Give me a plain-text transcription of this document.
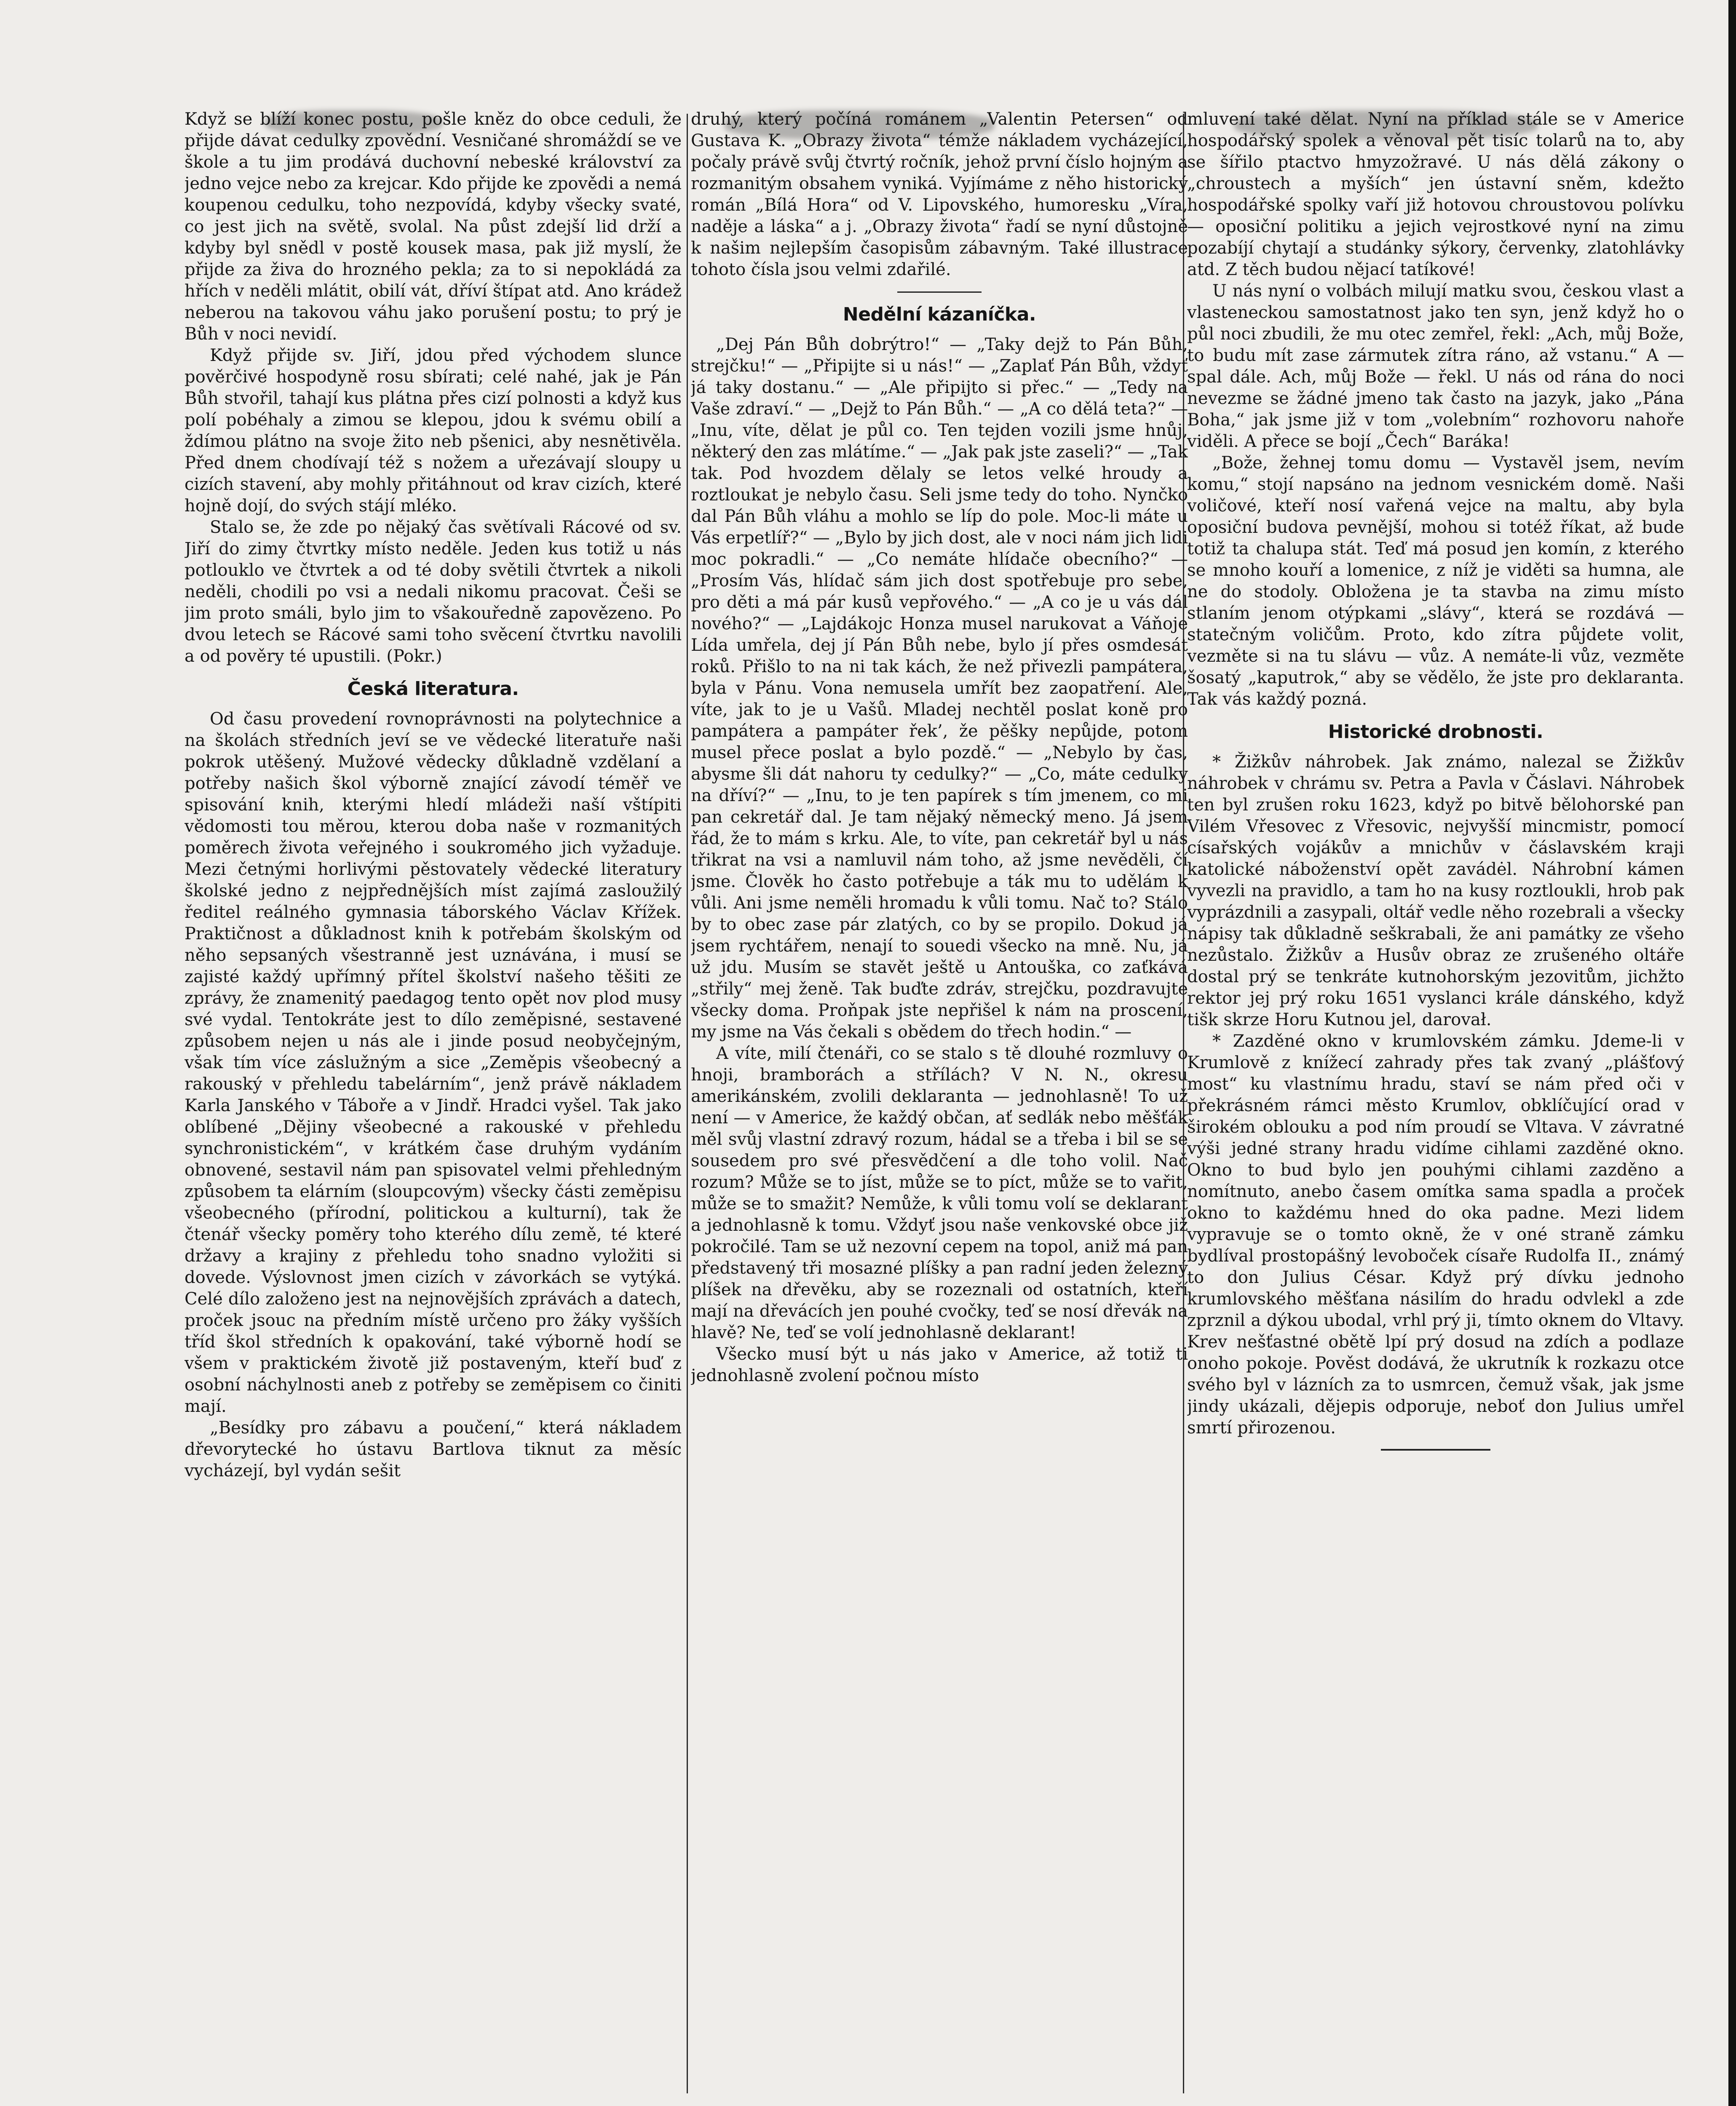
Když se blíží konec postu, pošle kněz do obce ceduli, že přijde dávat cedulky zpovědní. Vesničané shromáždí se ve škole a tu jim prodává duchovní nebeské království za jedno vejce nebo za krejcar. Kdo přijde ke zpovědi a nemá koupenou cedulku, toho nezpovídá, kdyby všecky svaté, co jest jich na světě, svolal. Na půst zdejší lid drží a kdyby byl snědl v postě kousek masa, pak již myslí, že přijde za živa do hrozného pekla; za to si nepokládá za hřích v neděli mlátit, obilí vát, dříví štípat atd. Ano krádež neberou na takovou váhu jako porušení postu; to prý je Bůh v noci nevidí.

Když přijde sv. Jiří, jdou před východem slunce pověrčivé hospodyně rosu sbírati; celé nahé, jak je Pán Bůh stvořil, tahají kus plátna přes cizí polnosti a když kus polí pobéhaly a zimou se klepou, jdou k svému obilí a ždímou plátno na svoje žito neb pšenici, aby nesnětivěla. Před dnem chodívají též s nožem a uřezávají sloupy u cizích stavení, aby mohly přitáhnout od krav cizích, které hojně dojí, do svých stájí mléko.

Stalo se, že zde po nějaký čas světívali Rácové od sv. Jiří do zimy čtvrtky místo neděle. Jeden kus totiž u nás potlouklo ve čtvrtek a od té doby světili čtvrtek a nikoli neděli, chodili po vsi a nedali nikomu pracovat. Češi se jim proto smáli, bylo jim to všakouředně zapovězeno. Po dvou letech se Rácové sami toho svěcení čtvrtku navolili a od pověry té upustili. (Pokr.)

Česká literatura.

Od času provedení rovnoprávnosti na polytechnice a na školách středních jeví se ve vědecké literatuře naši pokrok utěšený. Mužové vědecky důkladně vzdělaní a potřeby našich škol výborně znající závodí téměř ve spisování knih, kterými hledí mládeži naší vštípiti vědomosti tou měrou, kterou doba naše v rozmanitých poměrech života veřejného i soukromého jich vyžaduje. Mezi četnými horlivými pěstovately vědecké literatury školské jedno z nejpřednějších míst zajímá zasloužilý ředitel reálného gymnasia táborského Václav Křížek. Praktičnost a důkladnost knih k potřebám školským od něho sepsaných všestranně jest uznávána, i musí se zajisté každý upřímný přítel školství našeho těšiti ze zprávy, že znamenitý paedagog tento opět nov plod musy své vydal. Tentokráte jest to dílo zeměpisné, sestavené způsobem nejen u nás ale i jinde posud neobyčejným, však tím více záslužným a sice „Zeměpis všeobecný a rakouský v přehledu tabelárním“, jenž právě nákladem Karla Janského v Táboře a v Jindř. Hradci vyšel. Tak jako oblíbené „Dějiny všeobecné a rakouské v přehledu synchronistickém“, v krátkém čase druhým vydáním obnovené, sestavil nám pan spisovatel velmi přehledným způsobem ta elárním (sloupcovým) všecky části zeměpisu všeobecného (přírodní, politickou a kulturní), tak že čtenář všecky poměry toho kterého dílu země, té které državy a krajiny z přehledu toho snadno vyložiti si dovede. Výslovnost jmen cizích v závorkách se vytýká. Celé dílo založeno jest na nejnovějších zprávách a datech, proček jsouc na předním místě určeno pro žáky vyšších tříd škol středních k opakování, také výborně hodí se všem v praktickém životě již postaveným, kteří buď z osobní náchylnosti aneb z potřeby se zeměpisem co činiti mají.

„Besídky pro zábavu a poučení,“ která nákladem dřevorytecké ho ústavu Bartlova tiknut za měsíc vycházejí, byl vydán sešit

druhý, který počíná románem „Valentin Petersen“ od Gustava K. „Obrazy života“ témže nákladem vycházející, počaly právě svůj čtvrtý ročník, jehož první číslo hojným a rozmanitým obsahem vyniká. Vyjímáme z něho historický román „Bílá Hora“ od V. Lipovského, humoresku „Víra, naděje a láska“ a j. „Obrazy života“ řadí se nyní důstojně k našim nejlepším časopisům zábavným. Také illustrace tohoto čísla jsou velmi zdařilé.

Nedělní kázaníčka.

„Dej Pán Bůh dobrýtro!“ — „Taky dejž to Pán Bůh, strejčku!“ — „Připijte si u nás!“ — „Zaplať Pán Bůh, vždyť já taky dostanu.“ — „Ale připijto si přec.“ — „Tedy na Vaše zdraví.“ — „Dejž to Pán Bůh.“ — „A co dělá teta?“ — „Inu, víte, dělat je půl co. Ten tejden vozili jsme hnůj, některý den zas mlátíme.“ — „Jak pak jste zaseli?“ — „Tak tak. Pod hvozdem dělaly se letos velké hroudy a roztloukat je nebylo času. Seli jsme tedy do toho. Nynčko dal Pán Bůh vláhu a mohlo se líp do pole. Moc-li máte u Vás erpetlíř?“ — „Bylo by jich dost, ale v noci nám jich lidi moc pokradli.“ — „Co nemáte hlídače obecního?“ — „Prosím Vás, hlídač sám jich dost spotřebuje pro sebe, pro děti a má pár kusů vepřového.“ — „A co je u vás dál nového?“ — „Lajdákojc Honza musel narukovat a Váňoje Lída umřela, dej jí Pán Bůh nebe, bylo jí přes osmdesát roků. Přišlo to na ni tak kách, že než přivezli pampátera, byla v Pánu. Vona nemusela umřít bez zaopatření. Ale, víte, jak to je u Vašů. Mladej nechtěl poslat koně pro pampátera a pampáter řek’, že pěšky nepůjde, potom musel přece poslat a bylo pozdě.“ — „Nebylo by čas, abysme šli dát nahoru ty cedulky?“ — „Co, máte cedulky na dříví?“ — „Inu, to je ten papírek s tím jmenem, co mi pan cekretář dal. Je tam nějaký německý meno. Já jsem řád, že to mám s krku. Ale, to víte, pan cekretář byl u nás třikrat na vsi a namluvil nám toho, až jsme nevěděli, čí jsme. Člověk ho často potřebuje a ták mu to udělám k vůli. Ani jsme neměli hromadu k vůli tomu. Nač to? Stálo by to obec zase pár zlatých, co by se propilo. Dokud já jsem rychtářem, nenají to souedi všecko na mně. Nu, já už jdu. Musím se stavět ještě u Antouška, co zaťkává „střily“ mej ženě. Tak buďte zdráv, strejčku, pozdravujte všecky doma. Proňpak jste nepřišel k nám na proscení, my jsme na Vás čekali s obědem do třech hodin.“ —

A víte, milí čtenáři, co se stalo s tě dlouhé rozmluvy o hnoji, bramborách a střílách? V N. N., okresu amerikánském, zvolili deklaranta — jednohlasně! To už není — v Americe, že každý občan, ať sedlák nebo měšťák měl svůj vlastní zdravý rozum, hádal se a třeba i bil se se sousedem pro své přesvědčení a dle toho volil. Nač rozum? Může se to jíst, může se to píct, může se to vařit, může se to smažit? Nemůže, k vůli tomu volí se deklarant a jednohlasně k tomu. Vždyť jsou naše venkovské obce již pokročilé. Tam se už nezovní cepem na topol, aniž má pan představený tři mosazné plíšky a pan radní jeden železný plíšek na dřevěku, aby se rozeznali od ostatních, kteří mají na dřevácích jen pouhé cvočky, teď se nosí dřevák na hlavě? Ne, teď se volí jednohlasně deklarant!

Všecko musí být u nás jako v Americe, až totiž ti jednohlasně zvolení počnou místo

mluvení také dělat. Nyní na příklad stále se v Americe hospodářský spolek a věnoval pět tisíc tolarů na to, aby se šířilo ptactvo hmyzožravé. U nás dělá zákony o „chroustech a myších“ jen ústavní sněm, kdežto hospodářské spolky vaří již hotovou chroustovou polívku — oposiční politiku a jejich vejrostkové nyní na zimu pozabíjí chytají a studánky sýkory, červenky, zlatohlávky atd. Z těch budou nějací tatíkové!

U nás nyní o volbách milují matku svou, českou vlast a vlasteneckou samostatnost jako ten syn, jenž když ho o půl noci zbudili, že mu otec zemřel, řekl: „Ach, můj Bože, to budu mít zase zármutek zítra ráno, až vstanu.“ A — spal dále. Ach, můj Bože — řekl. U nás od rána do noci nevezme se žádné jmeno tak často na jazyk, jako „Pána Boha,“ jak jsme již v tom „volebním“ rozhovoru nahoře viděli. A přece se bojí „Čech“ Baráka!

„Bože, žehnej tomu domu — Vystavěl jsem, nevím komu,“ stojí napsáno na jednom vesnickém domě. Naši voličové, kteří nosí vařená vejce na maltu, aby byla oposiční budova pevnější, mohou si totéž říkat, až bude totiž ta chalupa stát. Teď má posud jen komín, z kterého se mnoho kouří a lomenice, z níž je viděti sa humna, ale ne do stodoly. Obložena je ta stavba na zimu místo stlaním jenom otýpkami „slávy“, která se rozdává — statečným voličům. Proto, kdo zítra půjdete volit, vezměte si na tu slávu — vůz. A nemáte-li vůz, vezměte šosatý „kaputrok,“ aby se vědělo, že jste pro deklaranta. Tak vás každý pozná.

Historické drobnosti.

* Žižkův náhrobek. Jak známo, nalezal se Žižkův náhrobek v chrámu sv. Petra a Pavla v Čáslavi. Náhrobek ten byl zrušen roku 1623, když po bitvě bělohorské pan Vilém Vřesovec z Vřesovic, nejvyšší mincmistr, pomocí císařských vojákův a mnichův v čáslavském kraji katolické náboženství opět zavádėl. Náhrobní kámen vyvezli na pravidlo, a tam ho na kusy roztloukli, hrob pak vyprázdnili a zasypali, oltář vedle něho rozebrali a všecky nápisy tak důkladně seškrabali, že ani památky ze všeho nezůstalo. Žižkův a Husův obraz ze zrušeného oltáře dostal prý se tenkráte kutnohorským jezovitům, jichžto rektor jej prý roku 1651 vyslanci krále dánského, když tišk skrze Horu Kutnou jel, darovał.

* Zazděné okno v krumlovském zámku. Jdeme-li v Krumlově z knížecí zahrady přes tak zvaný „plášťový most“ ku vlastnímu hradu, staví se nám před oči v překrásném rámci město Krumlov, obklíčující orad v širokém oblouku a pod ním proudí se Vltava. V závratné výši jedné strany hradu vidíme cihlami zazděné okno. Okno to bud bylo jen pouhými cihlami zazděno a nomítnuto, anebo časem omítka sama spadla a proček okno to každému hned do oka padne. Mezi lidem vypravuje se o tomto okně, že v oné straně zámku bydlíval prostopášný levoboček císaře Rudolfa II., známý to don Julius César. Když prý dívku jednoho krumlovského měšťana násilím do hradu odvlekl a zde zprznil a dýkou ubodal, vrhl prý ji, tímto oknem do Vltavy. Krev nešťastné obětě lpí prý dosud na zdích a podlaze onoho pokoje. Pověst dodává, že ukrutník k rozkazu otce svého byl v lázních za to usmrcen, čemuž však, jak jsme jindy ukázali, dějepis odporuje, neboť don Julius umřel smrtí přirozenou.
